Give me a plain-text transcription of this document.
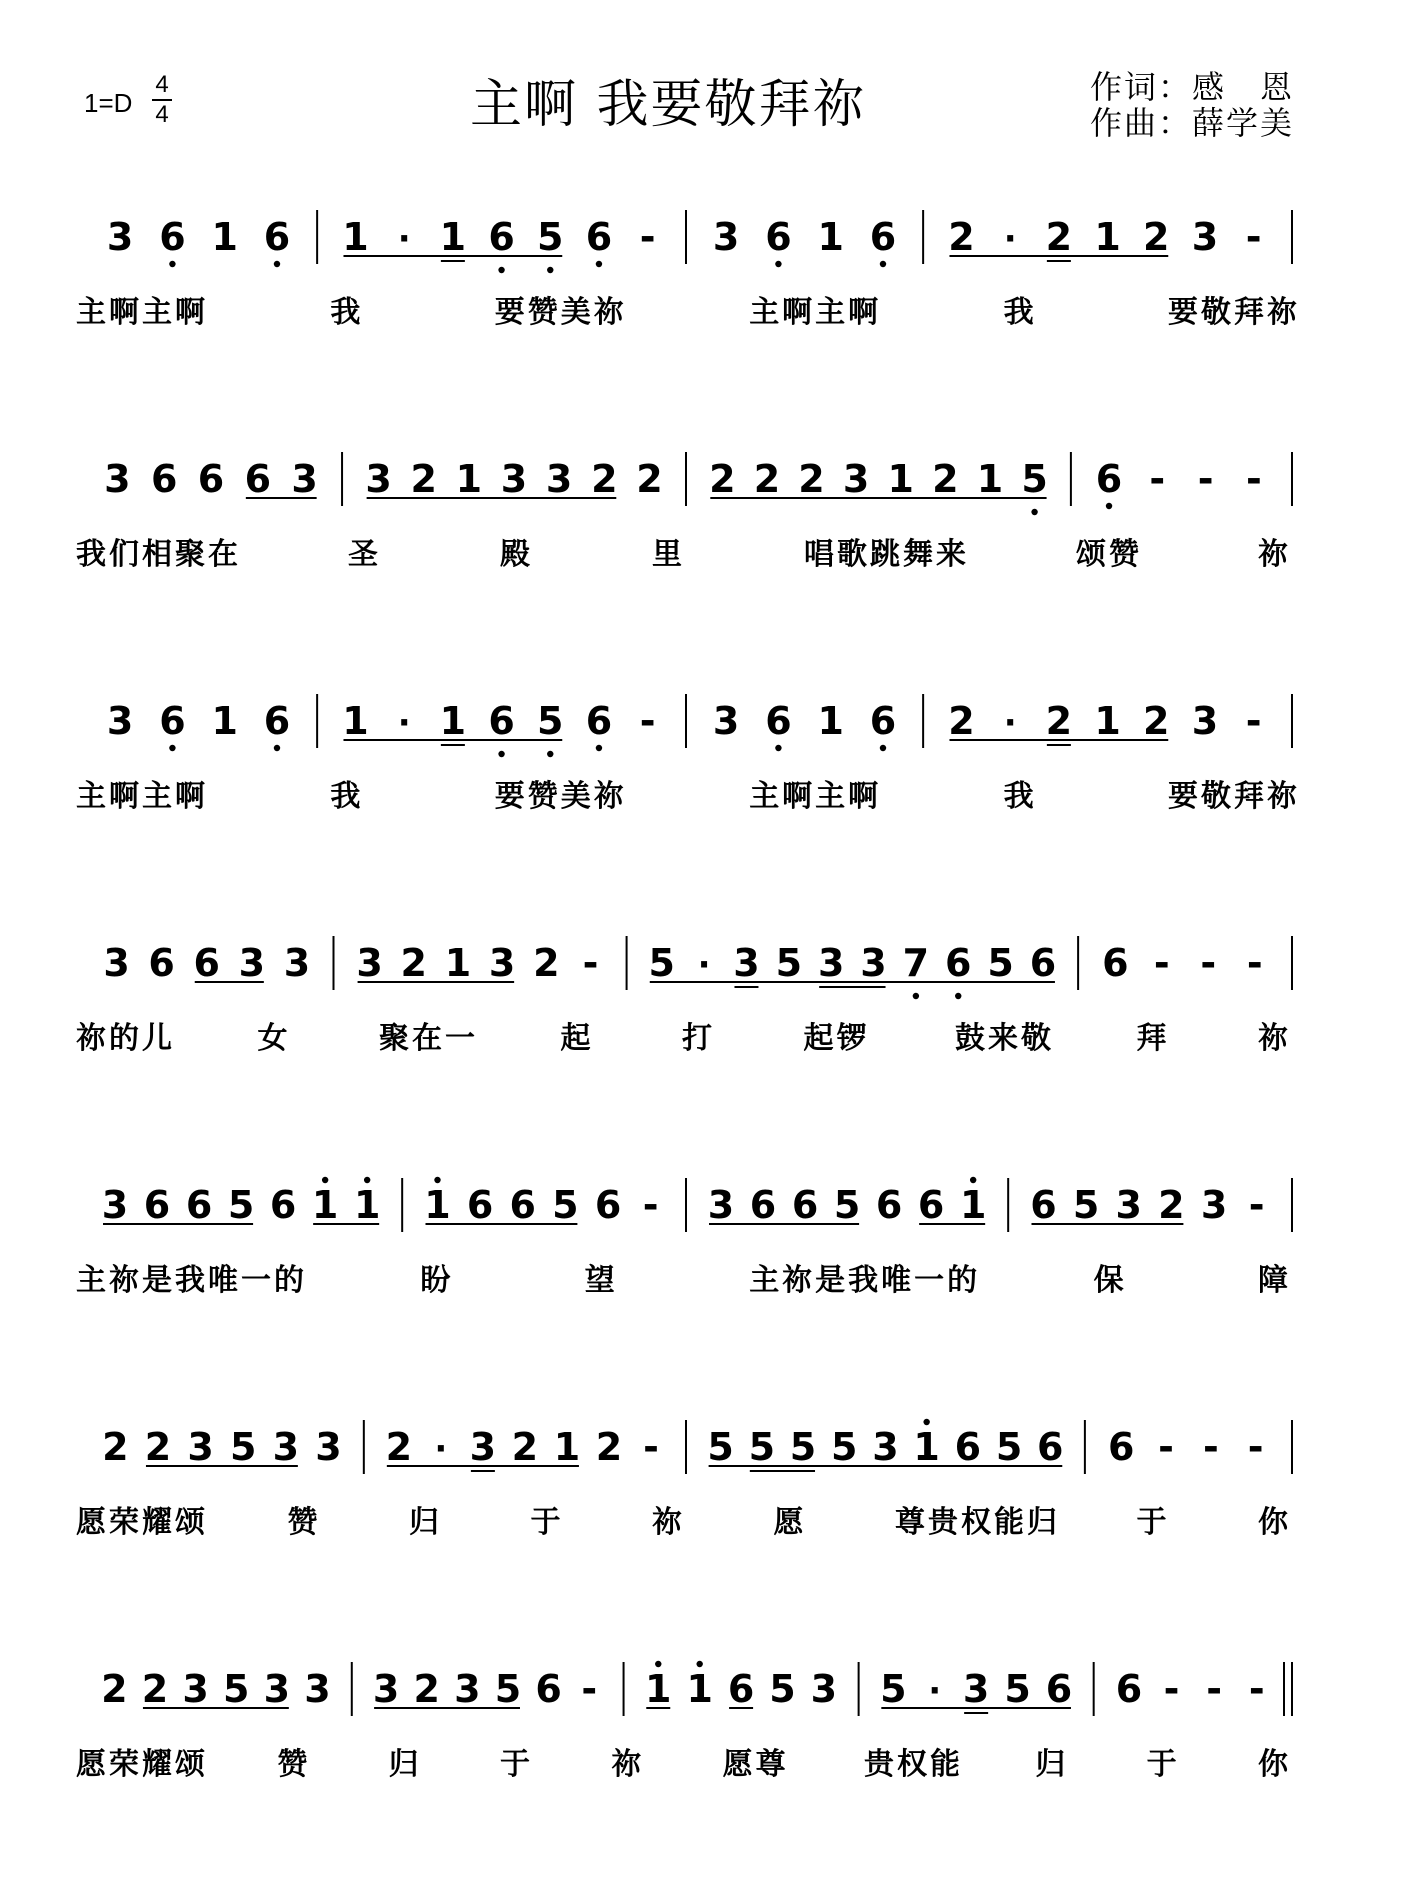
1=D
4
4	主啊 我要敬拜祢	作词：感　恩
作曲：薛学美
3 6 1 6 1 · 1 6 5 6 - 3 6 1 6 2 · 2 1 2 3 -
主啊主啊	我	要赞美祢	主啊主啊	我	要敬拜祢
3 6 6 6 3 3 2 1 3 3 2 2 2 2 2 3 1 2 1 5 6 - - -
我们相聚在	圣	殿	里	唱歌跳舞来	颂赞	祢
3 6 1 6 1 · 1 6 5 6 - 3 6 1 6 2 · 2 1 2 3 -
主啊主啊	我	要赞美祢	主啊主啊	我	要敬拜祢
3 6 6 3 3 3 2 1 3 2 - 5 · 3 5 3 3 7 6 5 6 6 - - -
祢的儿	女	聚在一	起	打	起锣	鼓来敬	拜	祢
3 6 6 5 6 1 1 1 6 6 5 6 - 3 6 6 5 6 6 1 6 5 3 2 3 -
主祢是我唯一的	盼	望	主祢是我唯一的	保	障
2 2 3 5 3 3 2 · 3 2 1 2 - 5 5 5 5 3 1 6 5 6 6 - - -
愿荣耀颂	赞	归	于	祢	愿	尊贵权能归	于	你
2 2 3 5 3 3 3 2 3 5 6 - 1 1 6 5 3 5 · 3 5 6 6 - - -
愿荣耀颂 赞	归	于	祢	愿尊	贵权能 归	于	你
